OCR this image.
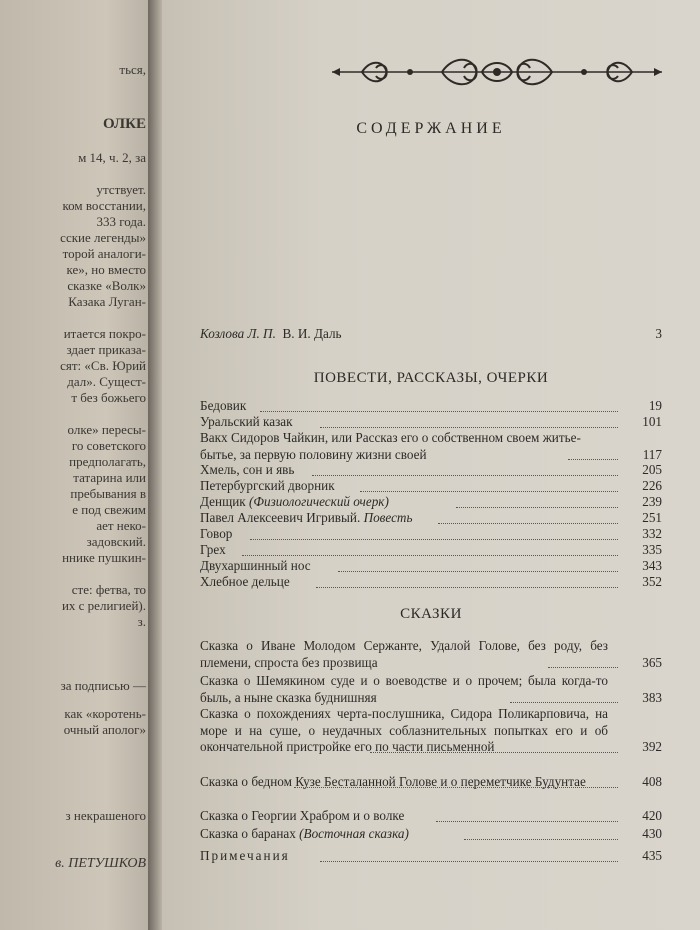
ться,
ОЛКЕ
м 14, ч. 2, за
утствует.
ком восстании,
333 года.
сские легенды»
торой аналоги-
ке», но вместо
сказке «Волк»
Казака Луган-
итается покро-
здает приказа-
сят: «Св. Юрий
дал». Сущест-
т без божьего
олке» пересы-
го советского
предполагать,
татарина или
пребывания в
е под свежим
ает неко-
задовский.
ннике пушкин-
сте: фетва, то
их с религией).
з.
за подписью —
как «коротень-
очный аполог»
з некрашеного
в. ПЕТУШКОВ
СОДЕРЖАНИЕ
Козлова Л. П. В. И. Даль	3
ПОВЕСТИ, РАССКАЗЫ, ОЧЕРКИ
Бедовик	19
Уральский казак	101
Вакх Сидоров Чайкин, или Рассказ его о собственном своем житье-бытье, за первую половину жизни своей	117
Хмель, сон и явь	205
Петербургский дворник	226
Денщик (Физиологический очерк)	239
Павел Алексеевич Игривый. Повесть	251
Говор	332
Грех	335
Двухаршинный нос	343
Хлебное дельце	352
СКАЗКИ
Сказка о Иване Молодом Сержанте, Удалой Голове, без роду, без племени, спроста без прозвища	365
Сказка о Шемякином суде и о воеводстве и о прочем; была когда-то быль, а ныне сказка буднишняя	383
Сказка о похождениях черта-послушника, Сидора Поликарповича, на море и на суше, о неудачных соблазнительных попытках его и об окончательной пристройке его по части письменной	392
Сказка о бедном Кузе Бесталанной Голове и о переметчике Будунтае	408
Сказка о Георгии Храбром и о волке	420
Сказка о баранах (Восточная сказка)	430
Примечания	435
